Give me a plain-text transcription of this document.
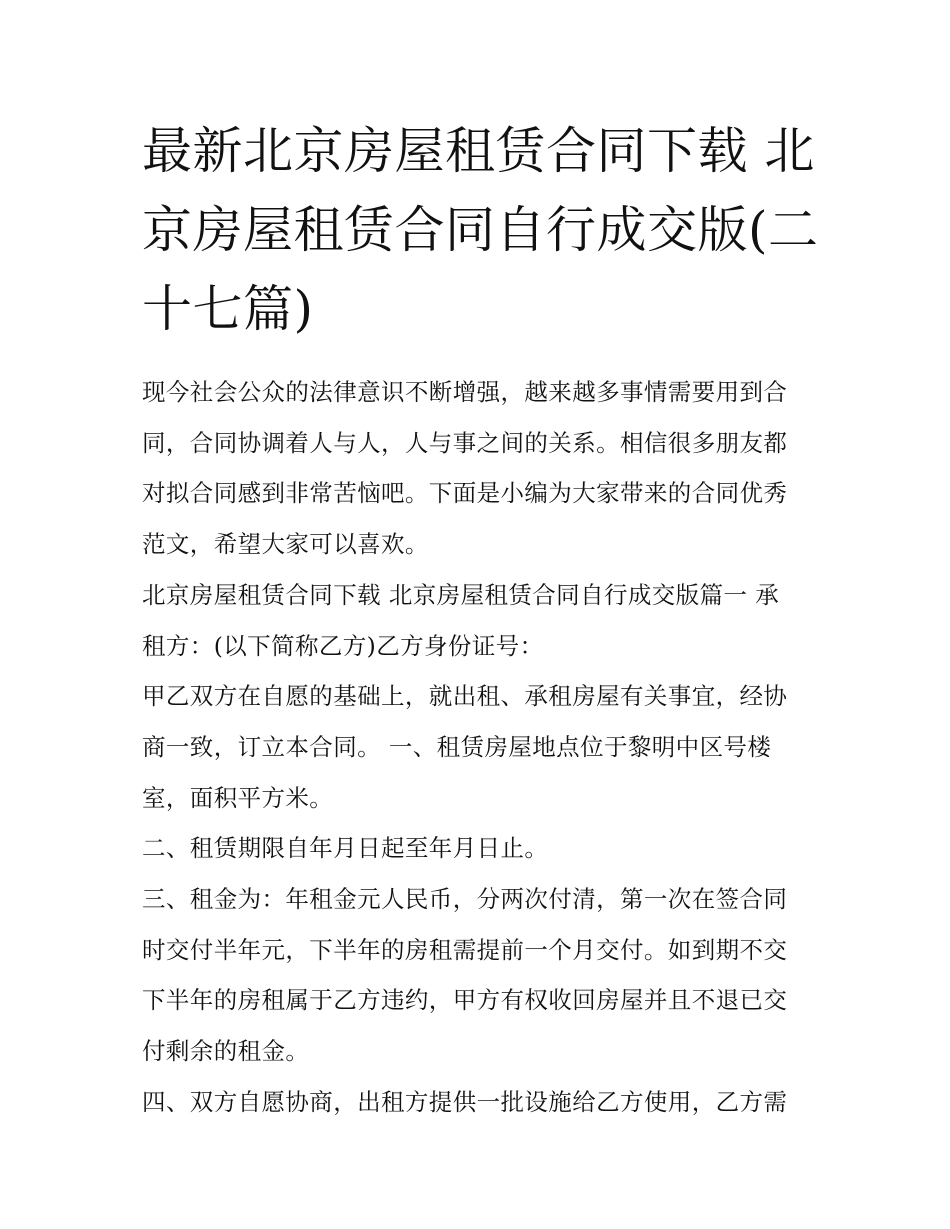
最新北京房屋租赁合同下载 北
京房屋租赁合同自行成交版(二
十七篇)
现今社会公众的法律意识不断增强，越来越多事情需要用到合
同，合同协调着人与人，人与事之间的关系。相信很多朋友都
对拟合同感到非常苦恼吧。下面是小编为大家带来的合同优秀
范文，希望大家可以喜欢。
北京房屋租赁合同下载 北京房屋租赁合同自行成交版篇一 承
租方：(以下简称乙方)乙方身份证号：
甲乙双方在自愿的基础上，就出租、承租房屋有关事宜，经协
商一致，订立本合同。 一、租赁房屋地点位于黎明中区号楼
室，面积平方米。
二、租赁期限自年月日起至年月日止。
三、租金为：年租金元人民币，分两次付清，第一次在签合同
时交付半年元，下半年的房租需提前一个月交付。如到期不交
下半年的房租属于乙方违约，甲方有权收回房屋并且不退已交
付剩余的租金。
四、双方自愿协商，出租方提供一批设施给乙方使用，乙方需
